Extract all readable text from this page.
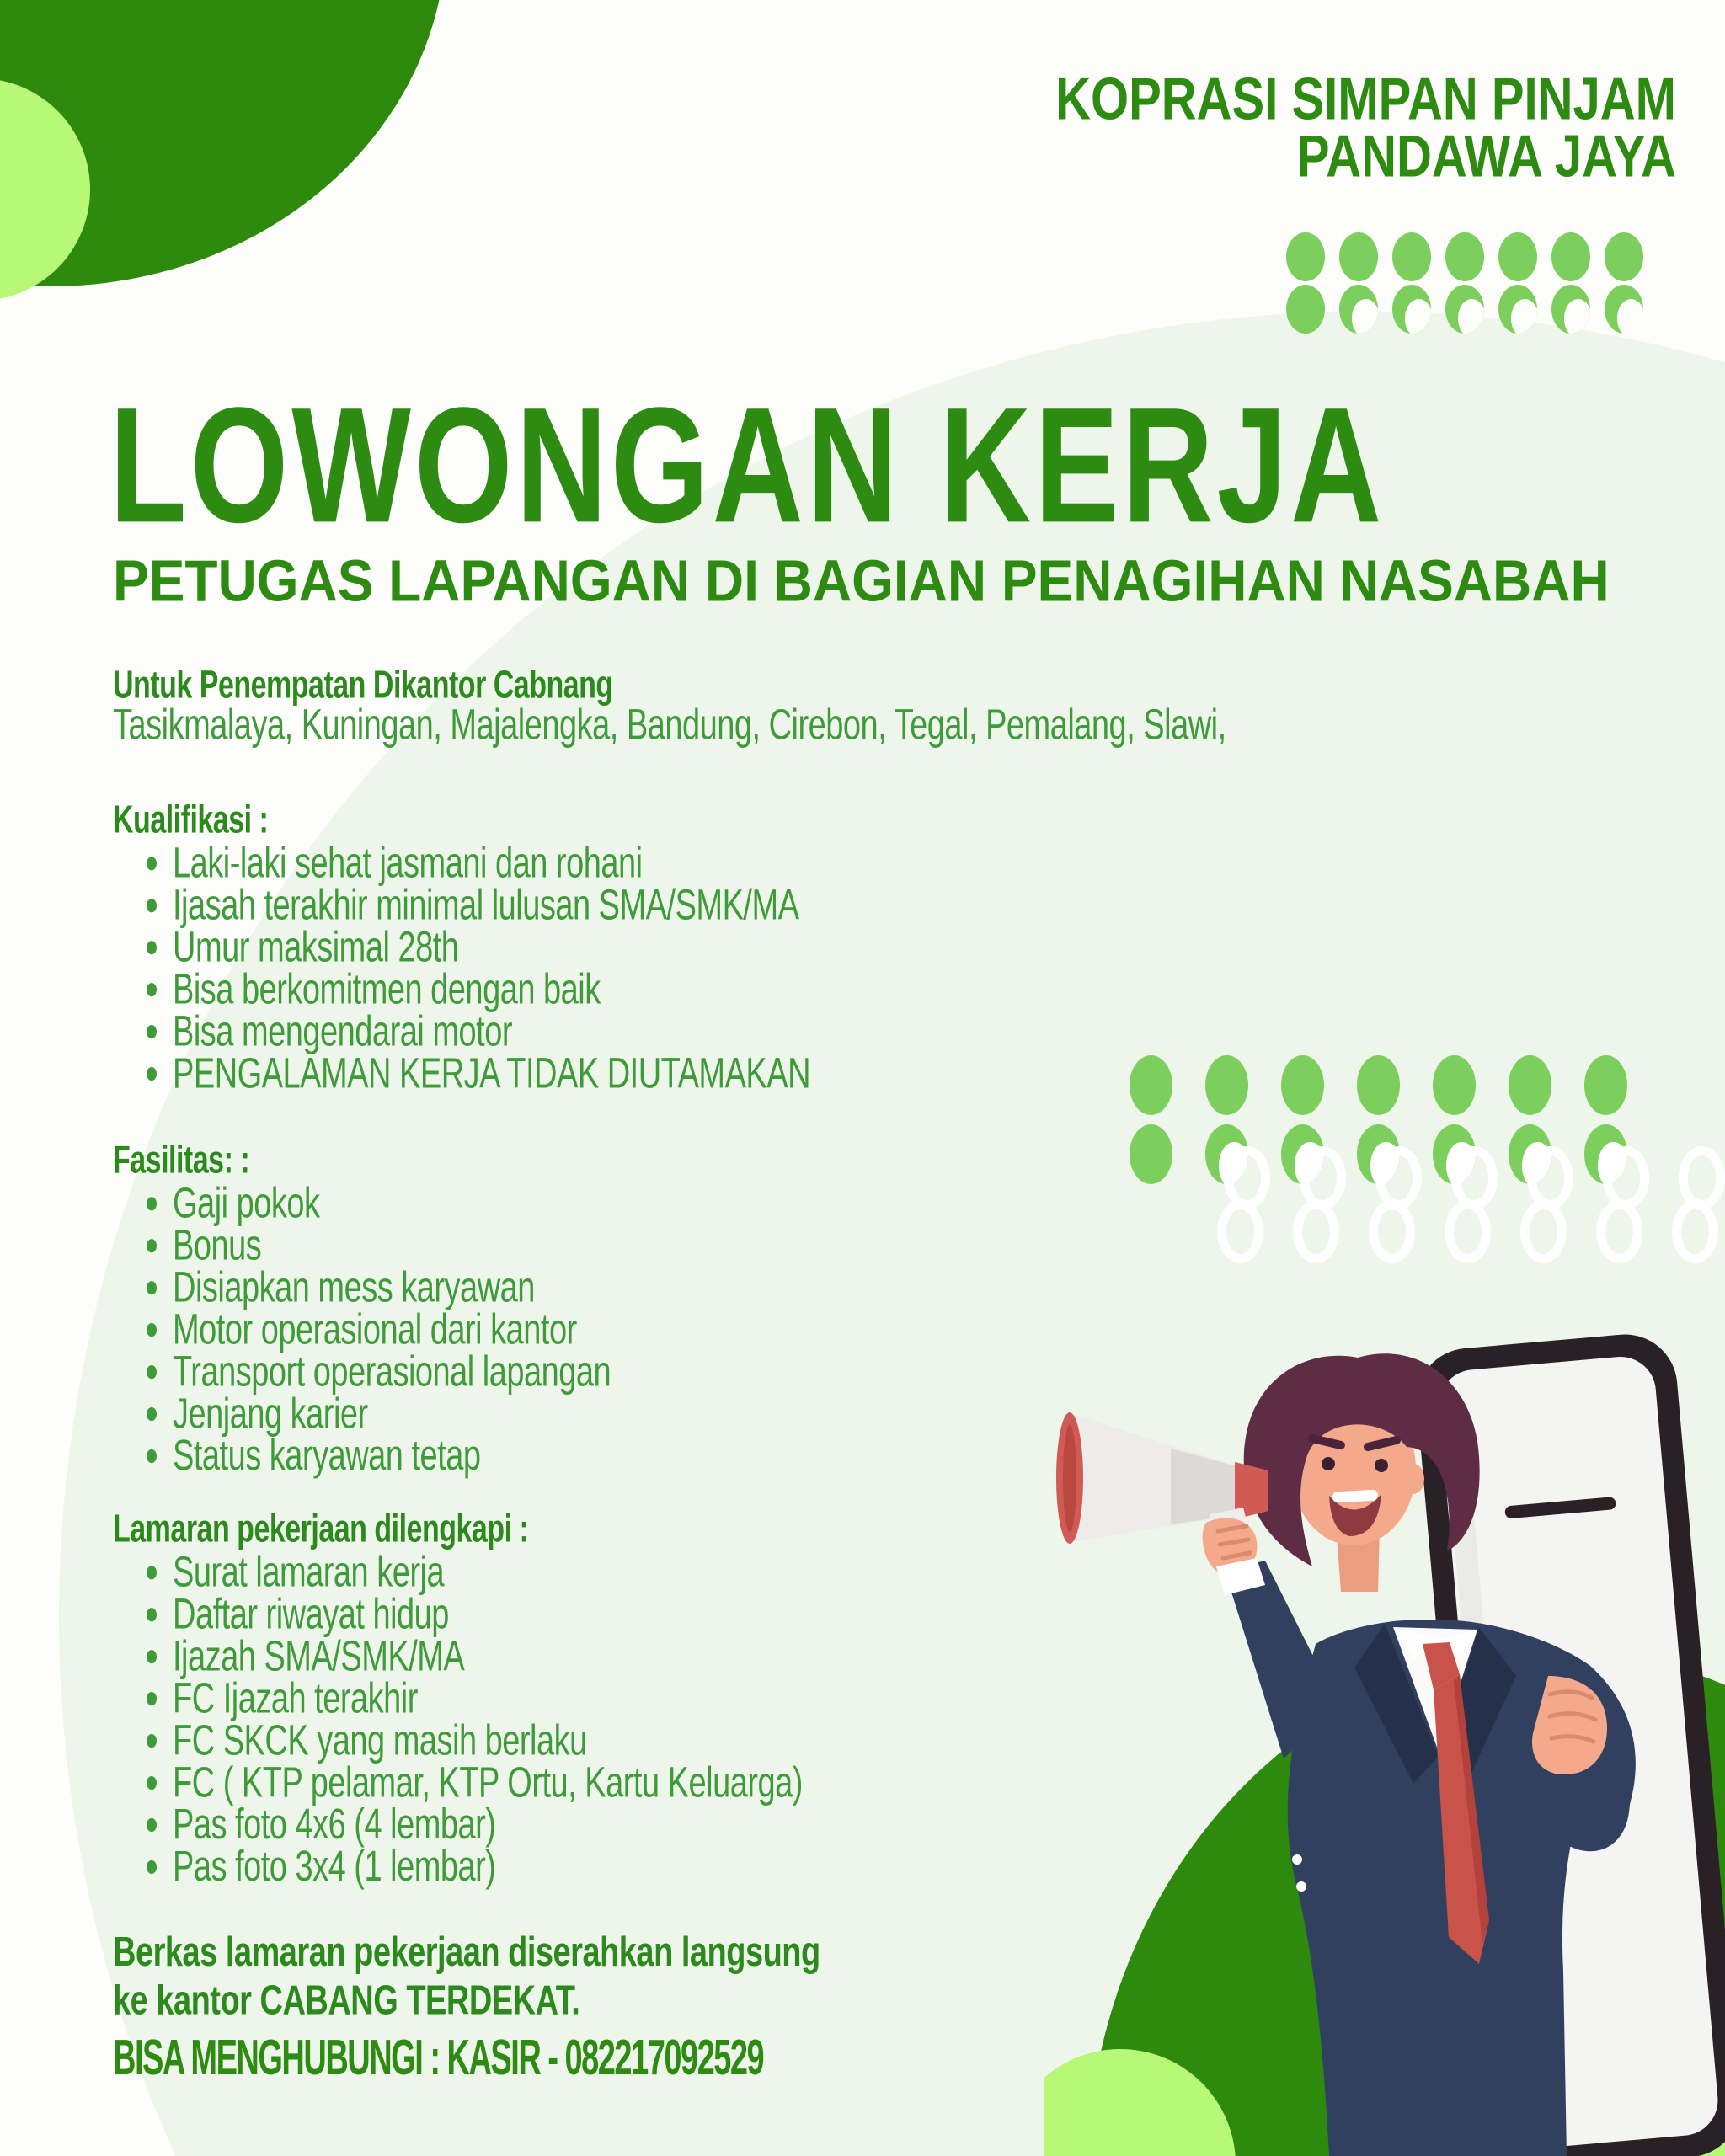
KOPRASI SIMPAN PINJAM
PANDAWA JAYA
LOWONGAN KERJA
PETUGAS LAPANGAN DI BAGIAN PENAGIHAN NASABAH
Untuk Penempatan Dikantor Cabnang
Tasikmalaya, Kuningan, Majalengka, Bandung, Cirebon, Tegal, Pemalang, Slawi,
Kualifikasi :
Laki-laki sehat jasmani dan rohani
Ijasah terakhir minimal lulusan SMA/SMK/MA
Umur maksimal 28th
Bisa berkomitmen dengan baik
Bisa mengendarai motor
PENGALAMAN KERJA TIDAK DIUTAMAKAN
Fasilitas: :
Gaji pokok
Bonus
Disiapkan mess karyawan
Motor operasional dari kantor
Transport operasional lapangan
Jenjang karier
Status karyawan tetap
Lamaran pekerjaan dilengkapi :
Surat lamaran kerja
Daftar riwayat hidup
Ijazah SMA/SMK/MA
FC Ijazah terakhir
FC SKCK yang masih berlaku
FC ( KTP pelamar, KTP Ortu, Kartu Keluarga)
Pas foto 4x6 (4 lembar)
Pas foto 3x4 (1 lembar)
Berkas lamaran pekerjaan diserahkan langsung
ke kantor CABANG TERDEKAT.
BISA MENGHUBUNGI : KASIR - 082217092529
